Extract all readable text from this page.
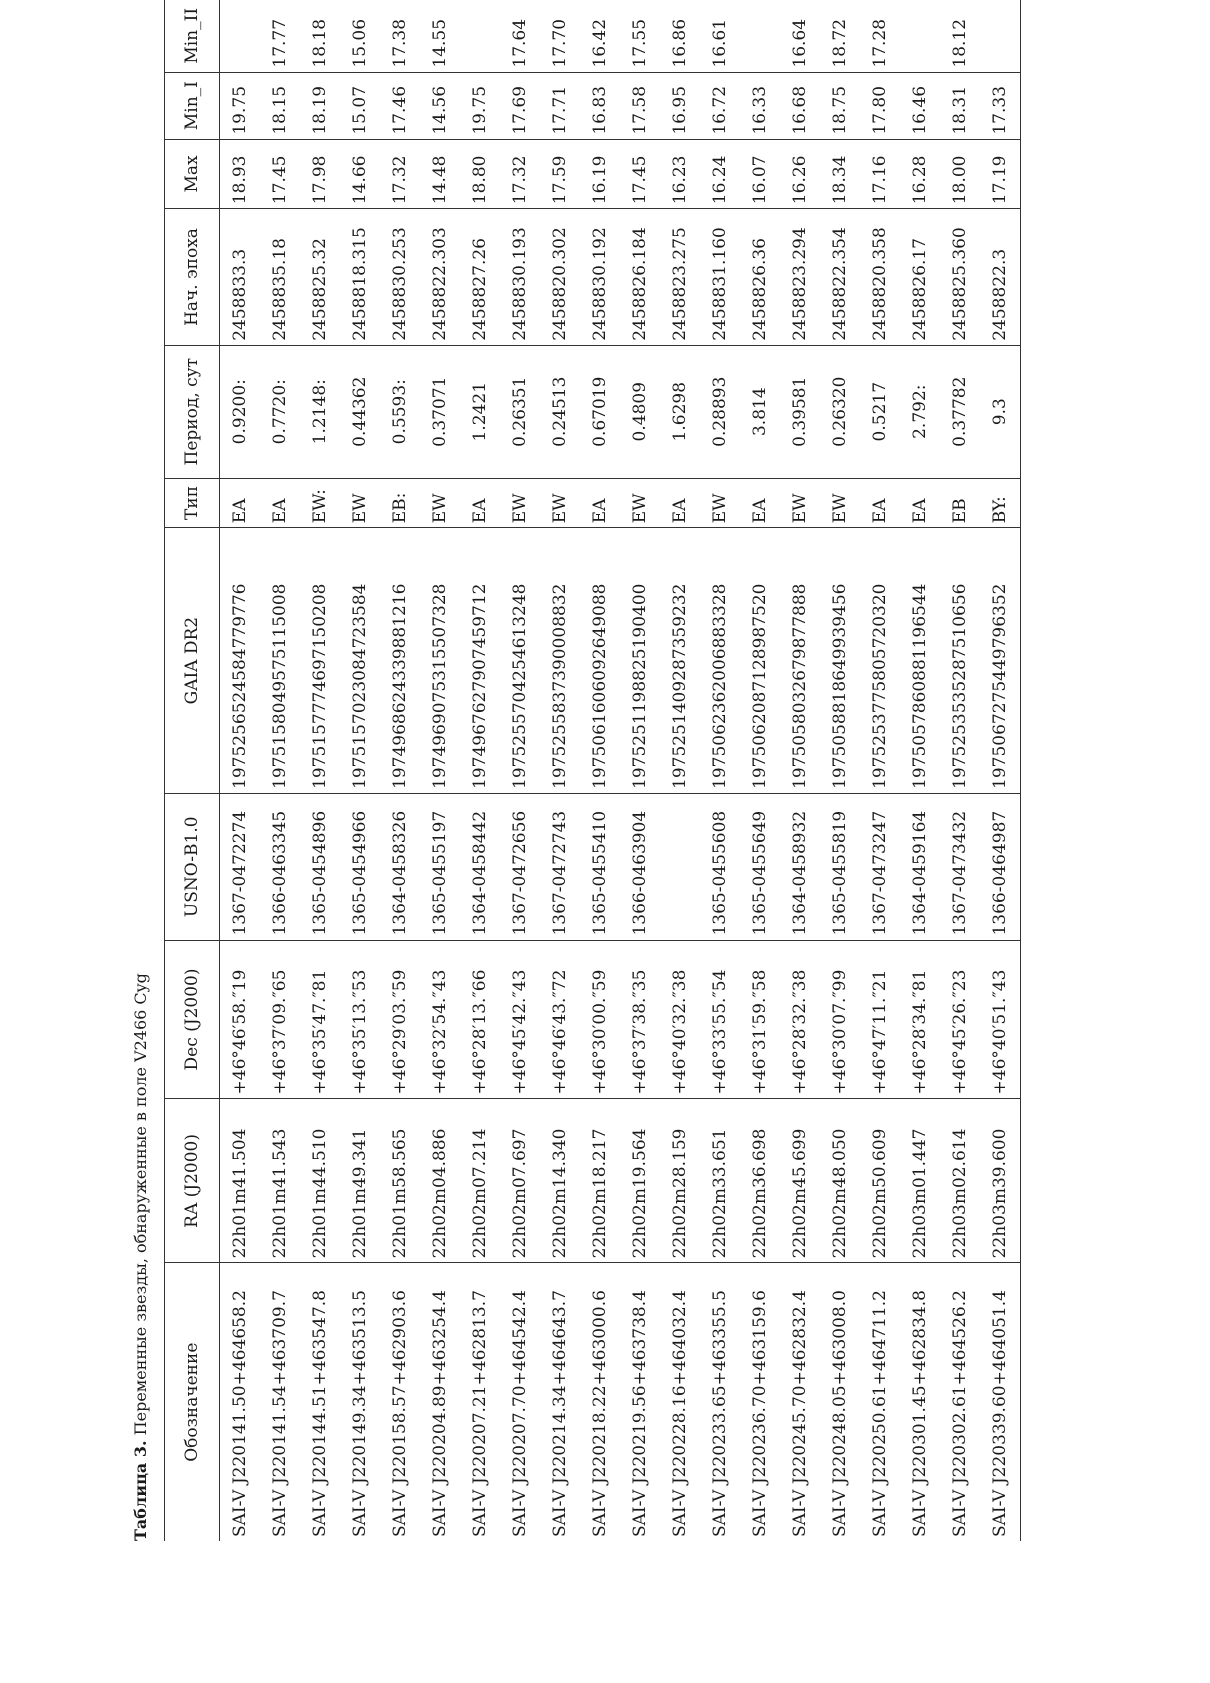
Таблица 3. Переменные звезды, обнаруженные в поле V2466 Cyg Обозначение	RA (J2000)	Dec (J2000)	USNO-B1.0	GAIA DR2	Тип	Период, сут	Нач. эпоха	Max	Min_I	Min_II
SAI-V J220141.50+464658.2	22h01m41.504	+46°46′58.″19	1367-0472274	1975256524584779776	EA	0.9200:	2458833.3	18.93	19.75	
SAI-V J220141.54+463709.7	22h01m41.543	+46°37′09.″65	1366-0463345	1975158049575115008	EA	0.7720:	2458835.18	17.45	18.15	17.77
SAI-V J220144.51+463547.8	22h01m44.510	+46°35′47.″81	1365-0454896	1975157774697150208	EW:	1.2148:	2458825.32	17.98	18.19	18.18
SAI-V J220149.34+463513.5	22h01m49.341	+46°35′13.″53	1365-0454966	1975157023084723584	EW	0.44362	2458818.315	14.66	15.07	15.06
SAI-V J220158.57+462903.6	22h01m58.565	+46°29′03.″59	1364-0458326	1974968624339881216	EB:	0.5593:	2458830.253	17.32	17.46	17.38
SAI-V J220204.89+463254.4	22h02m04.886	+46°32′54.″43	1365-0455197	1974969075315507328	EW	0.37071	2458822.303	14.48	14.56	14.55
SAI-V J220207.21+462813.7	22h02m07.214	+46°28′13.″66	1364-0458442	1974967627907459712	EA	1.2421	2458827.26	18.80	19.75	
SAI-V J220207.70+464542.4	22h02m07.697	+46°45′42.″43	1367-0472656	1975255704254613248	EW	0.26351	2458830.193	17.32	17.69	17.64
SAI-V J220214.34+464643.7	22h02m14.340	+46°46′43.″72	1367-0472743	1975255837390008832	EW	0.24513	2458820.302	17.59	17.71	17.70
SAI-V J220218.22+463000.6	22h02m18.217	+46°30′00.″59	1365-0455410	1975061606092649088	EA	0.67019	2458830.192	16.19	16.83	16.42
SAI-V J220219.56+463738.4	22h02m19.564	+46°37′38.″35	1366-0463904	1975251198825190400	EW	0.4809	2458826.184	17.45	17.58	17.55
SAI-V J220228.16+464032.4	22h02m28.159	+46°40′32.″38		1975251409287359232	EA	1.6298	2458823.275	16.23	16.95	16.86
SAI-V J220233.65+463355.5	22h02m33.651	+46°33′55.″54	1365-0455608	1975062362006883328	EW	0.28893	2458831.160	16.24	16.72	16.61
SAI-V J220236.70+463159.6	22h02m36.698	+46°31′59.″58	1365-0455649	1975062087128987520	EA	3.814	2458826.36	16.07	16.33	
SAI-V J220245.70+462832.4	22h02m45.699	+46°28′32.″38	1364-0458932	1975058032679877888	EW	0.39581	2458823.294	16.26	16.68	16.64
SAI-V J220248.05+463008.0	22h02m48.050	+46°30′07.″99	1365-0455819	1975058818649939456	EW	0.26320	2458822.354	18.34	18.75	18.72
SAI-V J220250.61+464711.2	22h02m50.609	+46°47′11.″21	1367-0473247	1975253775805720320	EA	0.5217	2458820.358	17.16	17.80	17.28
SAI-V J220301.45+462834.8	22h03m01.447	+46°28′34.″81	1364-0459164	1975057860881196544	EA	2.792:	2458826.17	16.28	16.46	
SAI-V J220302.61+464526.2	22h03m02.614	+46°45′26.″23	1367-0473432	1975253535287510656	EB	0.37782	2458825.360	18.00	18.31	18.12
SAI-V J220339.60+464051.4	22h03m39.600	+46°40′51.″43	1366-0464987	1975067275449796352	BY:	9.3	2458822.3	17.19	17.33	
